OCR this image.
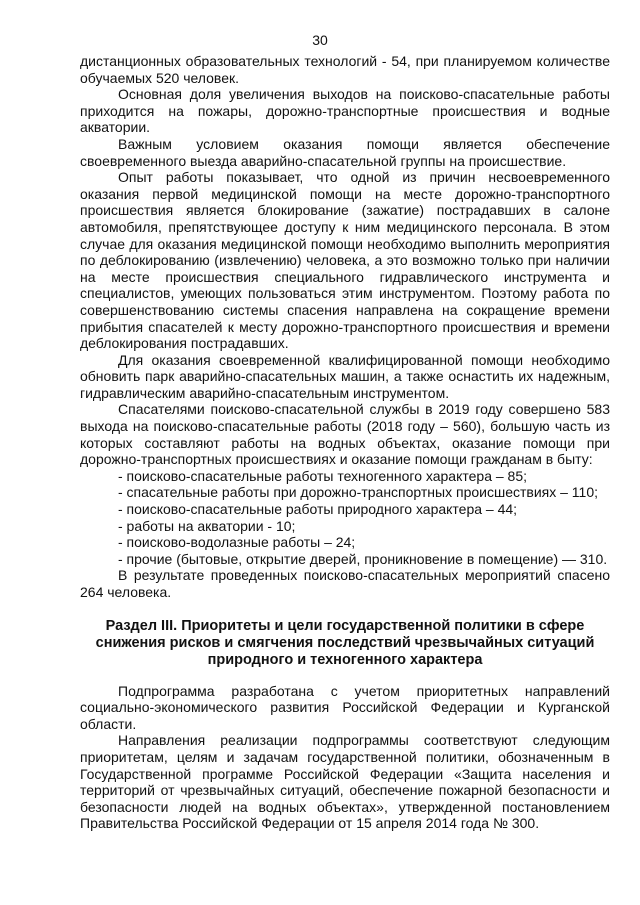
30

дистанционных образовательных технологий - 54, при планируемом количестве обучаемых 520 человек.

Основная доля увеличения выходов на поисково-спасательные работы приходится на пожары, дорожно-транспортные происшествия и водные акватории.

Важным условием оказания помощи является обеспечение своевременного выезда аварийно-спасательной группы на происшествие.

Опыт работы показывает, что одной из причин несвоевременного оказания первой медицинской помощи на месте дорожно-транспортного происшествия является блокирование (зажатие) пострадавших в салоне автомобиля, препятствующее доступу к ним медицинского персонала. В этом случае для оказания медицинской помощи необходимо выполнить мероприятия по деблокированию (извлечению) человека, а это возможно только при наличии на месте происшествия специального гидравлического инструмента и специалистов, умеющих пользоваться этим инструментом. Поэтому работа по совершенствованию системы спасения направлена на сокращение времени прибытия спасателей к месту дорожно-транспортного происшествия и времени деблокирования пострадавших.

Для оказания своевременной квалифицированной помощи необходимо обновить парк аварийно-спасательных машин, а также оснастить их надежным, гидравлическим аварийно-спасательным инструментом.

Спасателями поисково-спасательной службы в 2019 году совершено 583 выхода на поисково-спасательные работы (2018 году – 560), большую часть из которых составляют работы на водных объектах, оказание помощи при дорожно-транспортных происшествиях и оказание помощи гражданам в быту:

- поисково-спасательные работы техногенного характера – 85;

- спасательные работы при дорожно-транспортных происшествиях – 110;

- поисково-спасательные работы природного характера – 44;

- работы на акватории - 10;

- поисково-водолазные работы – 24;

- прочие (бытовые, открытие дверей, проникновение в помещение) — 310.

В результате проведенных поисково-спасательных мероприятий спасено 264 человека.

Раздел III. Приоритеты и цели государственной политики в сфере снижения рисков и смягчения последствий чрезвычайных ситуаций природного и техногенного характера

Подпрограмма разработана с учетом приоритетных направлений социально-экономического развития Российской Федерации и Курганской области.

Направления реализации подпрограммы соответствуют следующим приоритетам, целям и задачам государственной политики, обозначенным в Государственной программе Российской Федерации «Защита населения и территорий от чрезвычайных ситуаций, обеспечение пожарной безопасности и безопасности людей на водных объектах», утвержденной постановлением Правительства Российской Федерации от 15 апреля 2014 года № 300.
